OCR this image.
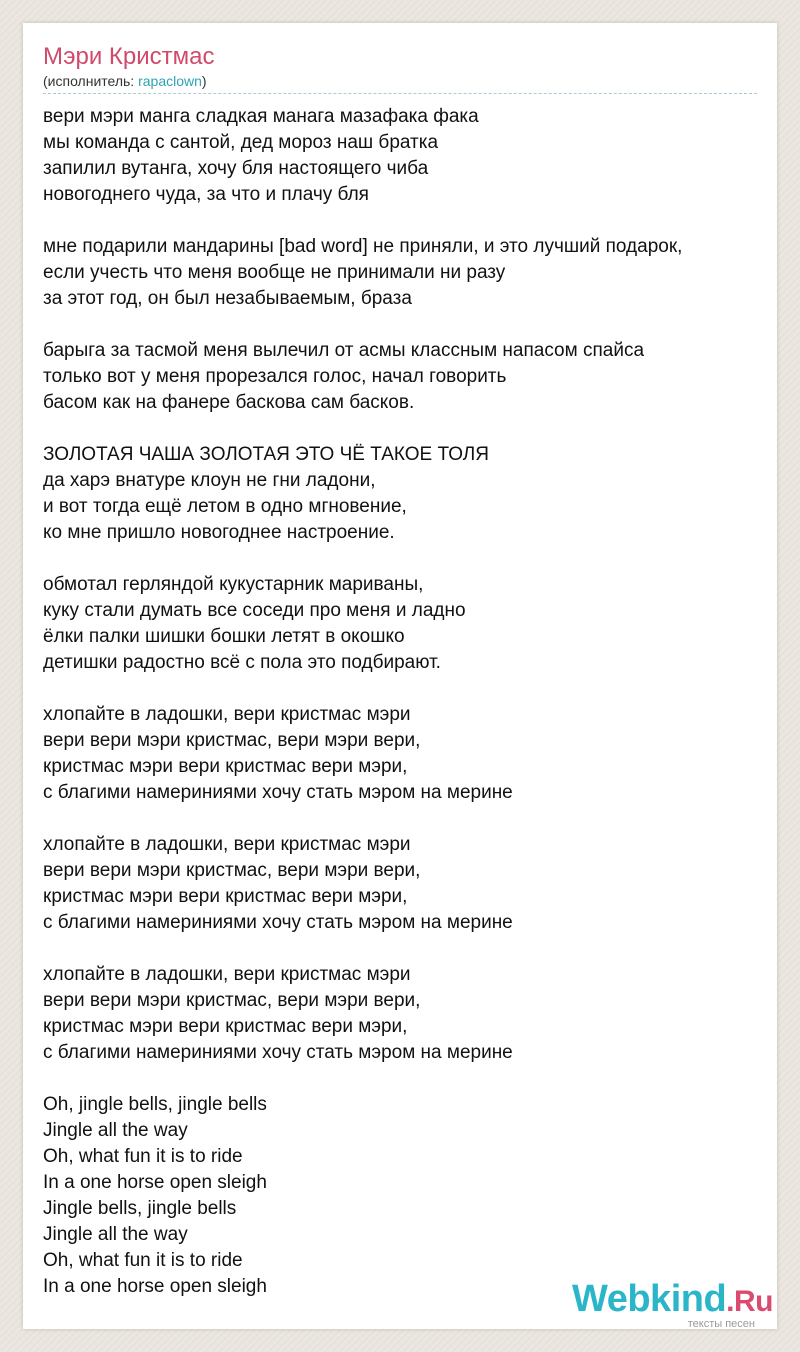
Мэри Кристмас
(исполнитель: rapaclown)
вери мэри манга сладкая манага мазафака фака
мы команда с сантой, дед мороз наш братка
запилил вутанга, хочу бля настоящего чиба
новогоднего чуда, за что и плачу бля
мне подарили мандарины [bad word] не приняли, и это лучший подарок,
если учесть что меня вообще не принимали ни разу
за этот год, он был незабываемым, браза
барыга за тасмой меня вылечил от асмы классным напасом спайса
только вот у меня прорезался голос, начал говорить
басом как на фанере баскова сам басков.
ЗОЛОТАЯ ЧАША ЗОЛОТАЯ ЭТО ЧЁ ТАКОЕ ТОЛЯ
да харэ внатуре клоун не гни ладони,
и вот тогда ещё летом в одно мгновение,
ко мне пришло новогоднее настроение.
обмотал герляндой кукустарник мариваны,
куку стали думать все соседи про меня и ладно
ёлки палки шишки бошки летят в окошко
детишки радостно всё с пола это подбирают.
хлопайте в ладошки, вери кристмас мэри
вери вери мэри кристмас, вери мэри вери,
кристмас мэри вери кристмас вери мэри,
с благими намериниями хочу стать мэром на мерине
хлопайте в ладошки, вери кристмас мэри
вери вери мэри кристмас, вери мэри вери,
кристмас мэри вери кристмас вери мэри,
с благими намериниями хочу стать мэром на мерине
хлопайте в ладошки, вери кристмас мэри
вери вери мэри кристмас, вери мэри вери,
кристмас мэри вери кристмас вери мэри,
с благими намериниями хочу стать мэром на мерине
Oh, jingle bells, jingle bells
Jingle all the way
Oh, what fun it is to ride
In a one horse open sleigh
Jingle bells, jingle bells
Jingle all the way
Oh, what fun it is to ride
In a one horse open sleigh	Webkind.Ru
тексты песен
